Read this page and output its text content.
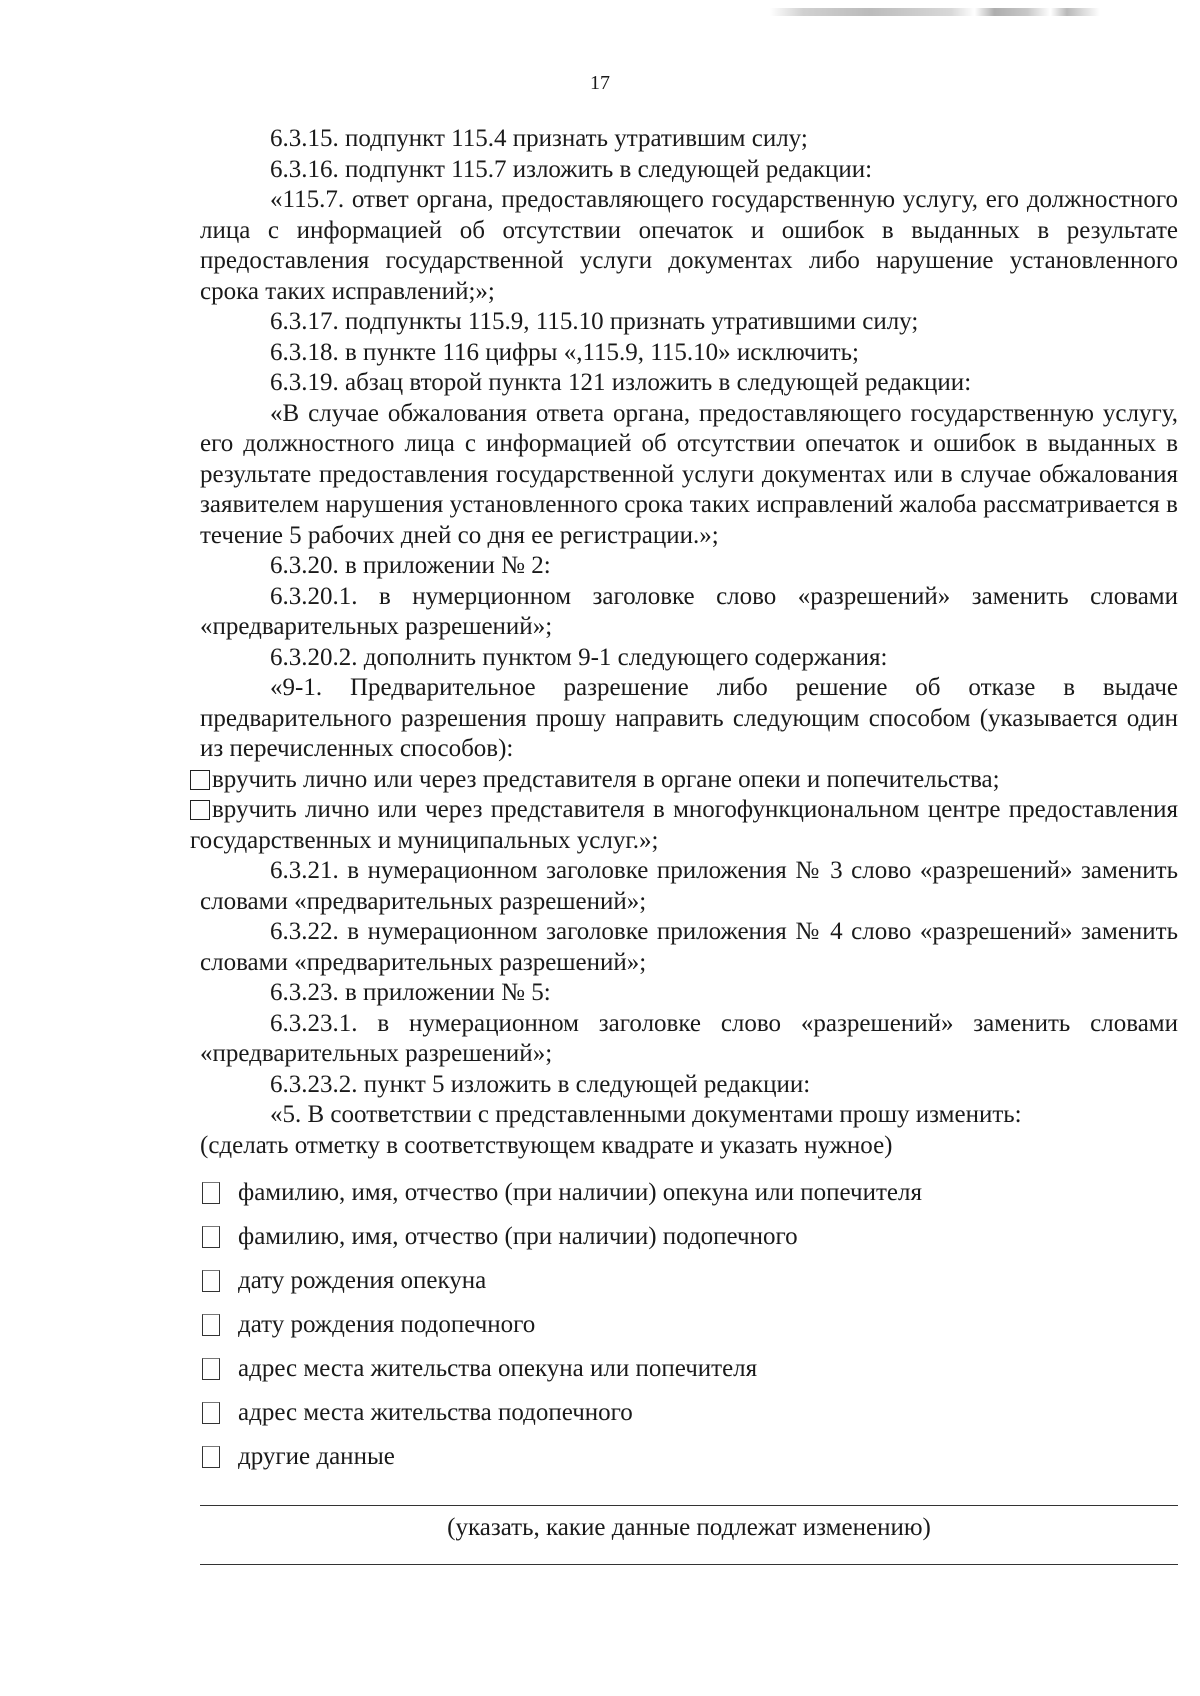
17

6.3.15. подпункт 115.4 признать утратившим силу;

6.3.16. подпункт 115.7 изложить в следующей редакции:

«115.7. ответ органа, предоставляющего государственную услугу, его должностного лица с информацией об отсутствии опечаток и ошибок в выданных в результате предоставления государственной услуги документах либо нарушение установленного срока таких исправлений;»;

6.3.17. подпункты 115.9, 115.10 признать утратившими силу;

6.3.18. в пункте 116 цифры «,115.9, 115.10» исключить;

6.3.19. абзац второй пункта 121 изложить в следующей редакции:

«В случае обжалования ответа органа, предоставляющего государственную услугу, его должностного лица с информацией об отсутствии опечаток и ошибок в выданных в результате предоставления государственной услуги документах или в случае обжалования заявителем нарушения установленного срока таких исправлений жалоба рассматривается в течение 5 рабочих дней со дня ее регистрации.»;

6.3.20. в приложении № 2:

6.3.20.1. в нумерционном заголовке слово «разрешений» заменить словами «предварительных разрешений»;

6.3.20.2. дополнить пунктом 9-1 следующего содержания:

«9-1. Предварительное разрешение либо решение об отказе в выдаче предварительного разрешения прошу направить следующим способом (указывается один из перечисленных способов):

вручить лично или через представителя в органе опеки и попечительства;

вручить лично или через представителя в многофункциональном центре предоставления государственных и муниципальных услуг.»;

6.3.21. в нумерационном заголовке приложения № 3 слово «разрешений» заменить словами «предварительных разрешений»;

6.3.22. в нумерационном заголовке приложения № 4 слово «разрешений» заменить словами «предварительных разрешений»;

6.3.23. в приложении № 5:

6.3.23.1. в нумерационном заголовке слово «разрешений» заменить словами «предварительных разрешений»;

6.3.23.2. пункт 5 изложить в следующей редакции:

«5. В соответствии с представленными документами прошу изменить:

(сделать отметку в соответствующем квадрате и указать нужное)

фамилию, имя, отчество (при наличии) опекуна или попечителя
фамилию, имя, отчество (при наличии) подопечного
дату рождения опекуна
дату рождения подопечного
адрес места жительства опекуна или попечителя
адрес места жительства подопечного
другие данные
(указать, какие данные подлежат изменению)
